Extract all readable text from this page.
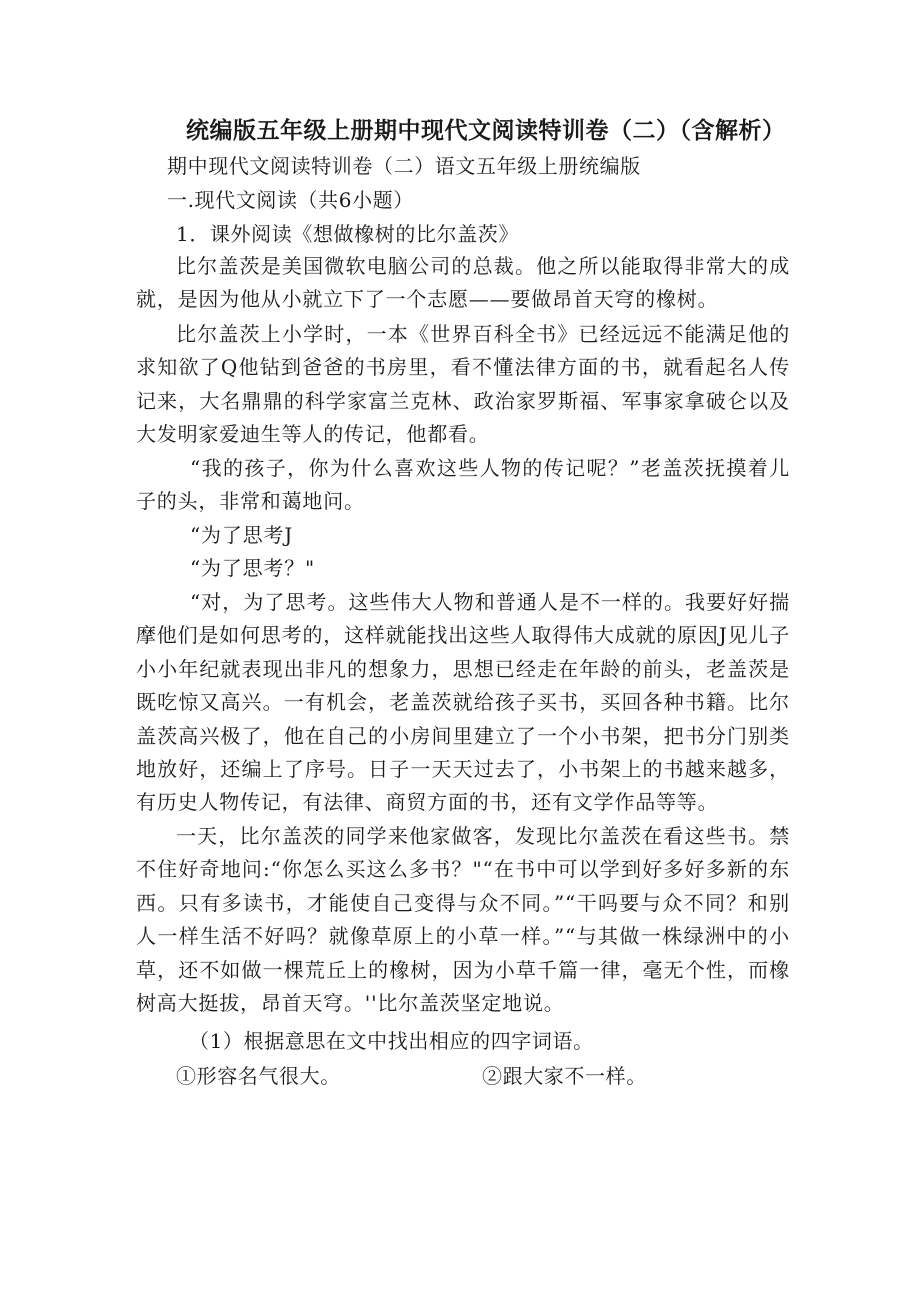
统编版五年级上册期中现代文阅读特训卷（二）（含解析）
期中现代文阅读特训卷（二）语文五年级上册统编版
一.现代文阅读（共6小题）
1．课外阅读《想做橡树的比尔盖茨》

比尔盖茨是美国微软电脑公司的总裁。他之所以能取得非常大的成就，是因为他从小就立下了一个志愿——要做昂首天穹的橡树。

比尔盖茨上小学时，一本《世界百科全书》已经远远不能满足他的求知欲了Q他钻到爸爸的书房里，看不懂法律方面的书，就看起名人传记来，大名鼎鼎的科学家富兰克林、政治家罗斯福、军事家拿破仑以及大发明家爱迪生等人的传记，他都看。

“我的孩子，你为什么喜欢这些人物的传记呢？”老盖茨抚摸着儿子的头，非常和蔼地问。

“为了思考J

“为了思考？"

“对，为了思考。这些伟大人物和普通人是不一样的。我要好好揣摩他们是如何思考的，这样就能找出这些人取得伟大成就的原因J见儿子小小年纪就表现出非凡的想象力，思想已经走在年龄的前头，老盖茨是既吃惊又高兴。一有机会，老盖茨就给孩子买书，买回各种书籍。比尔盖茨高兴极了，他在自己的小房间里建立了一个小书架，把书分门别类地放好，还编上了序号。日子一天天过去了，小书架上的书越来越多，有历史人物传记，有法律、商贸方面的书，还有文学作品等等。

一天，比尔盖茨的同学来他家做客，发现比尔盖茨在看这些书。禁不住好奇地问:“你怎么买这么多书？"“在书中可以学到好多好多新的东西。只有多读书，才能使自己变得与众不同。”“干吗要与众不同？和别人一样生活不好吗？就像草原上的小草一样。”“与其做一株绿洲中的小草，还不如做一棵荒丘上的橡树，因为小草千篇一律，毫无个性，而橡树高大挺拔，昂首天穹。''比尔盖茨坚定地说。

（1）根据意思在文中找出相应的四字词语。
①形容名气很大。	②跟大家不一样。
